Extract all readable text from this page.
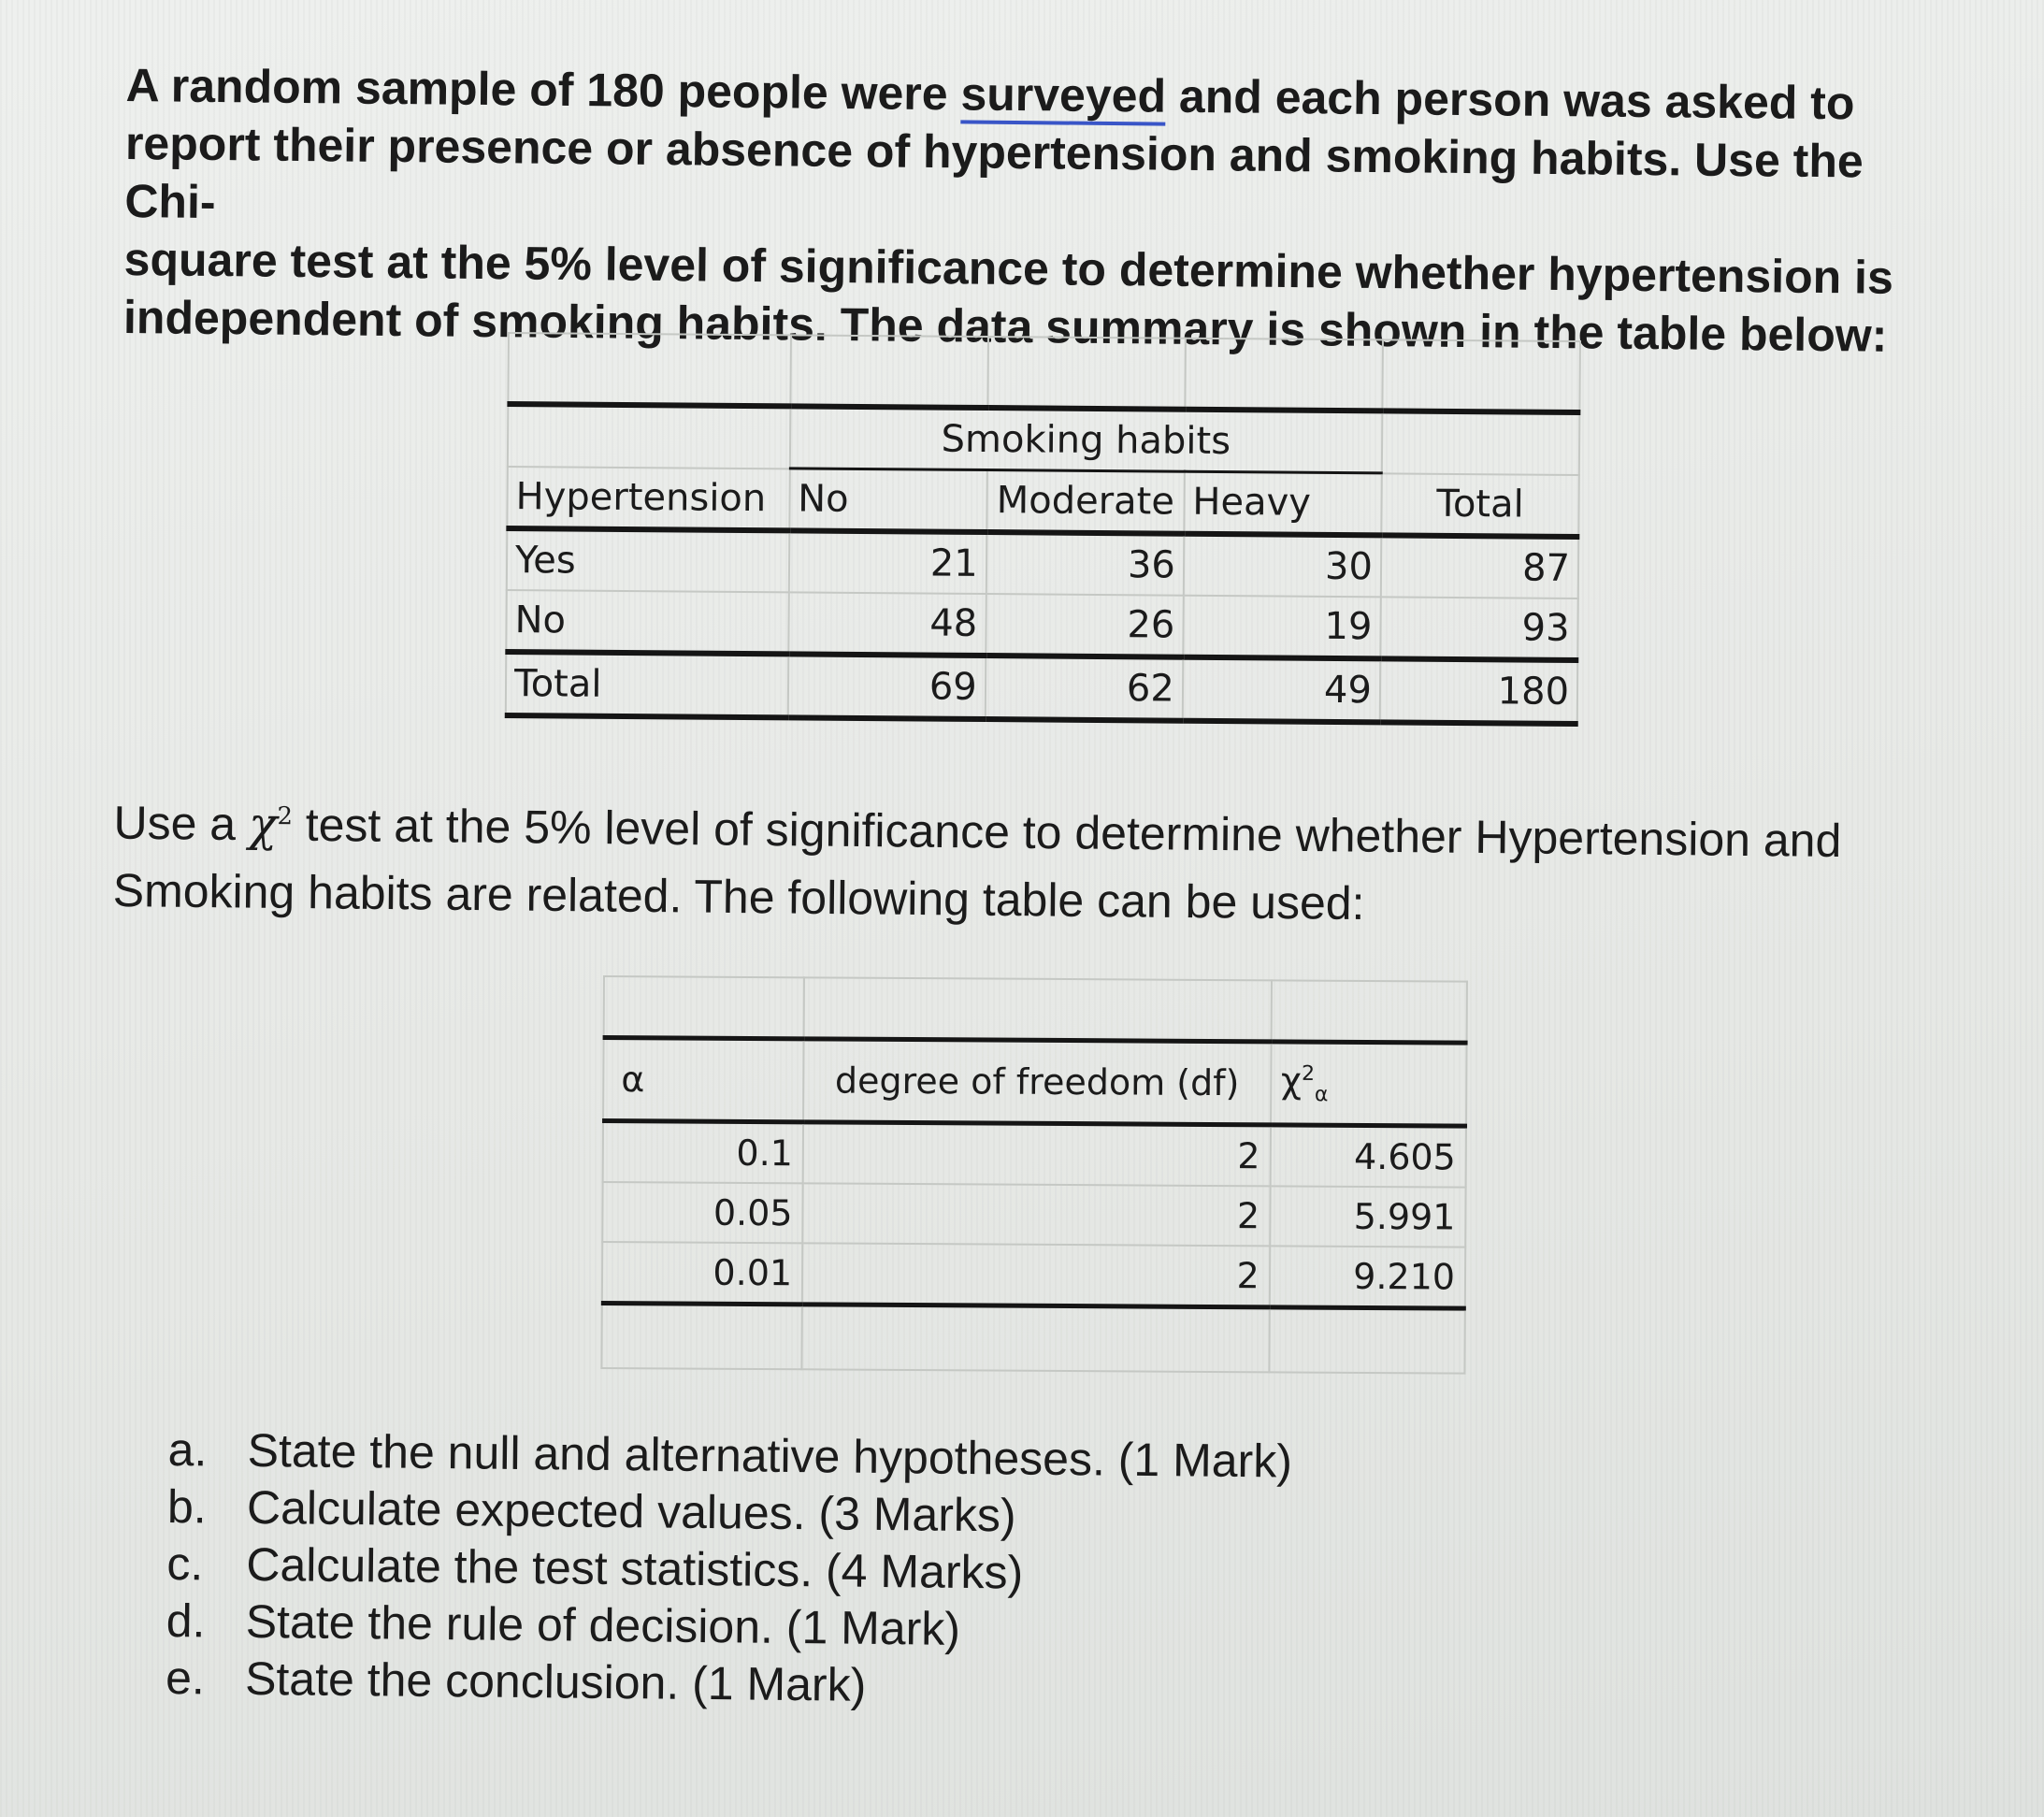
A random sample of 180 people were surveyed and each person was asked to

report their presence or absence of hypertension and smoking habits. Use the Chi-

square test at the 5% level of significance to determine whether hypertension is

independent of smoking habits. The data summary is shown in the table below:

	Smoking habits			
Hypertension	No	Moderate	Heavy	Total
Yes	21	36	30	87
No	48	26	19	93
Total	69	62	49	180

Use a $\chi^2$ test at the 5% level of significance to determine whether Hypertension and

Smoking habits are related. The following table can be used:

α	degree of freedom (df)	$\chi^2_\alpha$
0.1	2	4.605
0.05	2	5.991
0.01	2	9.210

a. State the null and alternative hypotheses. (1 Mark)
b. Calculate expected values. (3 Marks)
c. Calculate the test statistics. (4 Marks)
d. State the rule of decision. (1 Mark)
e. State the conclusion. (1 Mark)
